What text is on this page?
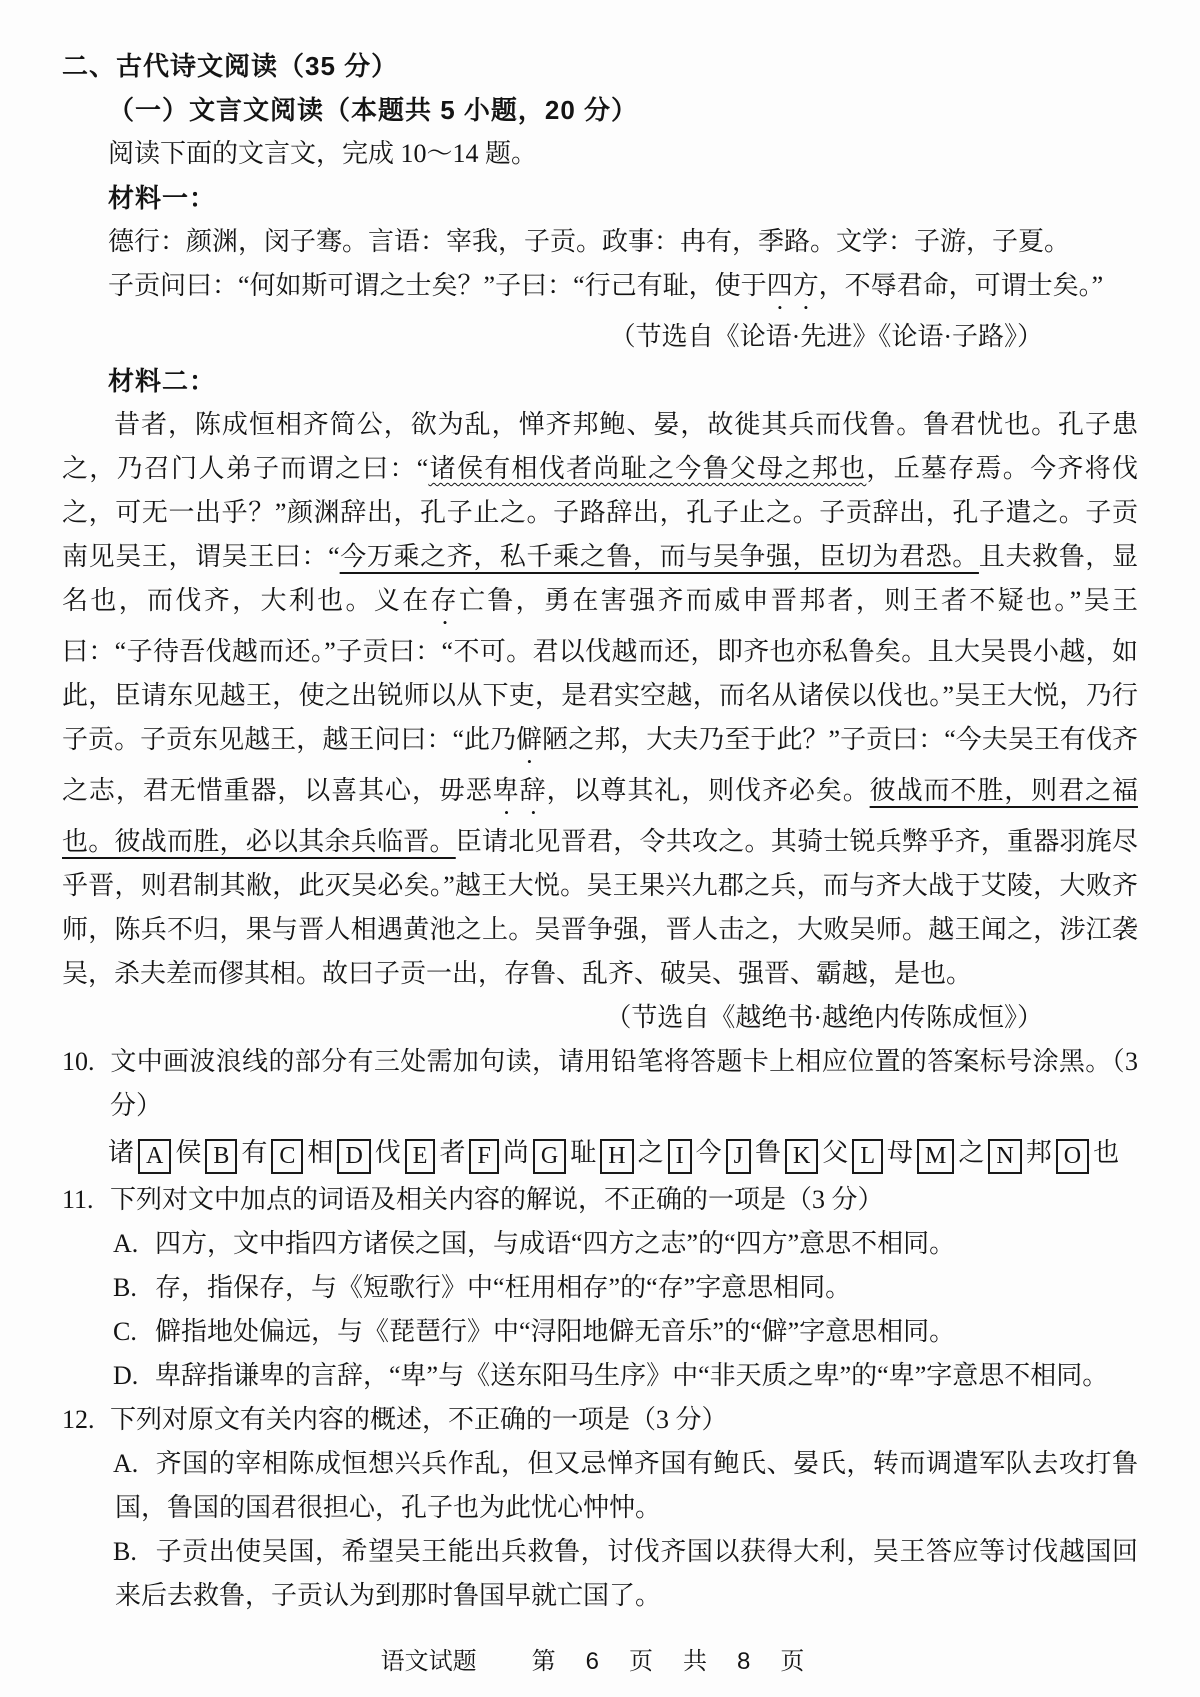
二、古代诗文阅读（35 分）

（一）文言文阅读（本题共 5 小题，20 分）

阅读下面的文言文，完成 10～14 题。

材料一：

德行：颜渊，闵子骞。言语：宰我，子贡。政事：冉有，季路。文学：子游，子夏。

子贡问曰：“何如斯可谓之士矣？”子曰：“行己有耻，使于四方，不辱君命，可谓士矣。”

（节选自《论语·先进》《论语·子路》）

材料二：

昔者，陈成恒相齐简公，欲为乱，惮齐邦鲍、晏，故徙其兵而伐鲁。鲁君忧也。孔子患之，乃召门人弟子而谓之曰：“诸侯有相伐者尚耻之今鲁父母之邦也，丘墓存焉。今齐将伐之，可无一出乎？”颜渊辞出，孔子止之。子路辞出，孔子止之。子贡辞出，孔子遣之。子贡南见吴王，谓吴王曰：“今万乘之齐，私千乘之鲁，而与吴争强，臣切为君恐。且夫救鲁，显名也，而伐齐，大利也。义在存亡鲁，勇在害强齐而威申晋邦者，则王者不疑也。”吴王曰：“子待吾伐越而还。”子贡曰：“不可。君以伐越而还，即齐也亦私鲁矣。且大吴畏小越，如此，臣请东见越王，使之出锐师以从下吏，是君实空越，而名从诸侯以伐也。”吴王大悦，乃行子贡。子贡东见越王，越王问曰：“此乃僻陋之邦，大夫乃至于此？”子贡曰：“今夫吴王有伐齐之志，君无惜重器，以喜其心，毋恶卑辞，以尊其礼，则伐齐必矣。彼战而不胜，则君之福也。彼战而胜，必以其余兵临晋。臣请北见晋君，令共攻之。其骑士锐兵弊乎齐，重器羽旄尽乎晋，则君制其敝，此灭吴必矣。”越王大悦。吴王果兴九郡之兵，而与齐大战于艾陵，大败齐师，陈兵不归，果与晋人相遇黄池之上。吴晋争强，晋人击之，大败吴师。越王闻之，涉江袭吴，杀夫差而僇其相。故曰子贡一出，存鲁、乱齐、破吴、强晋、霸越，是也。

（节选自《越绝书·越绝内传陈成恒》）

10. 文中画波浪线的部分有三处需加句读，请用铅笔将答题卡上相应位置的答案标号涂黑。（3 分）

诸 A 侯 B 有 C 相 D 伐 E 者 F 尚 G 耻 H 之 I 今 J 鲁 K 父 L 母 M 之 N 邦 O 也

11. 下列对文中加点的词语及相关内容的解说，不正确的一项是（3 分）

A. 四方，文中指四方诸侯之国，与成语“四方之志”的“四方”意思不相同。

B. 存，指保存，与《短歌行》中“枉用相存”的“存”字意思相同。

C. 僻指地处偏远，与《琵琶行》中“浔阳地僻无音乐”的“僻”字意思相同。

D. 卑辞指谦卑的言辞，“卑”与《送东阳马生序》中“非天质之卑”的“卑”字意思不相同。

12. 下列对原文有关内容的概述，不正确的一项是（3 分）

A. 齐国的宰相陈成恒想兴兵作乱，但又忌惮齐国有鲍氏、晏氏，转而调遣军队去攻打鲁国，鲁国的国君很担心，孔子也为此忧心忡忡。

B. 子贡出使吴国，希望吴王能出兵救鲁，讨伐齐国以获得大利，吴王答应等讨伐越国回来后去救鲁，子贡认为到那时鲁国早就亡国了。

语文试题 第 6 页 共 8 页
